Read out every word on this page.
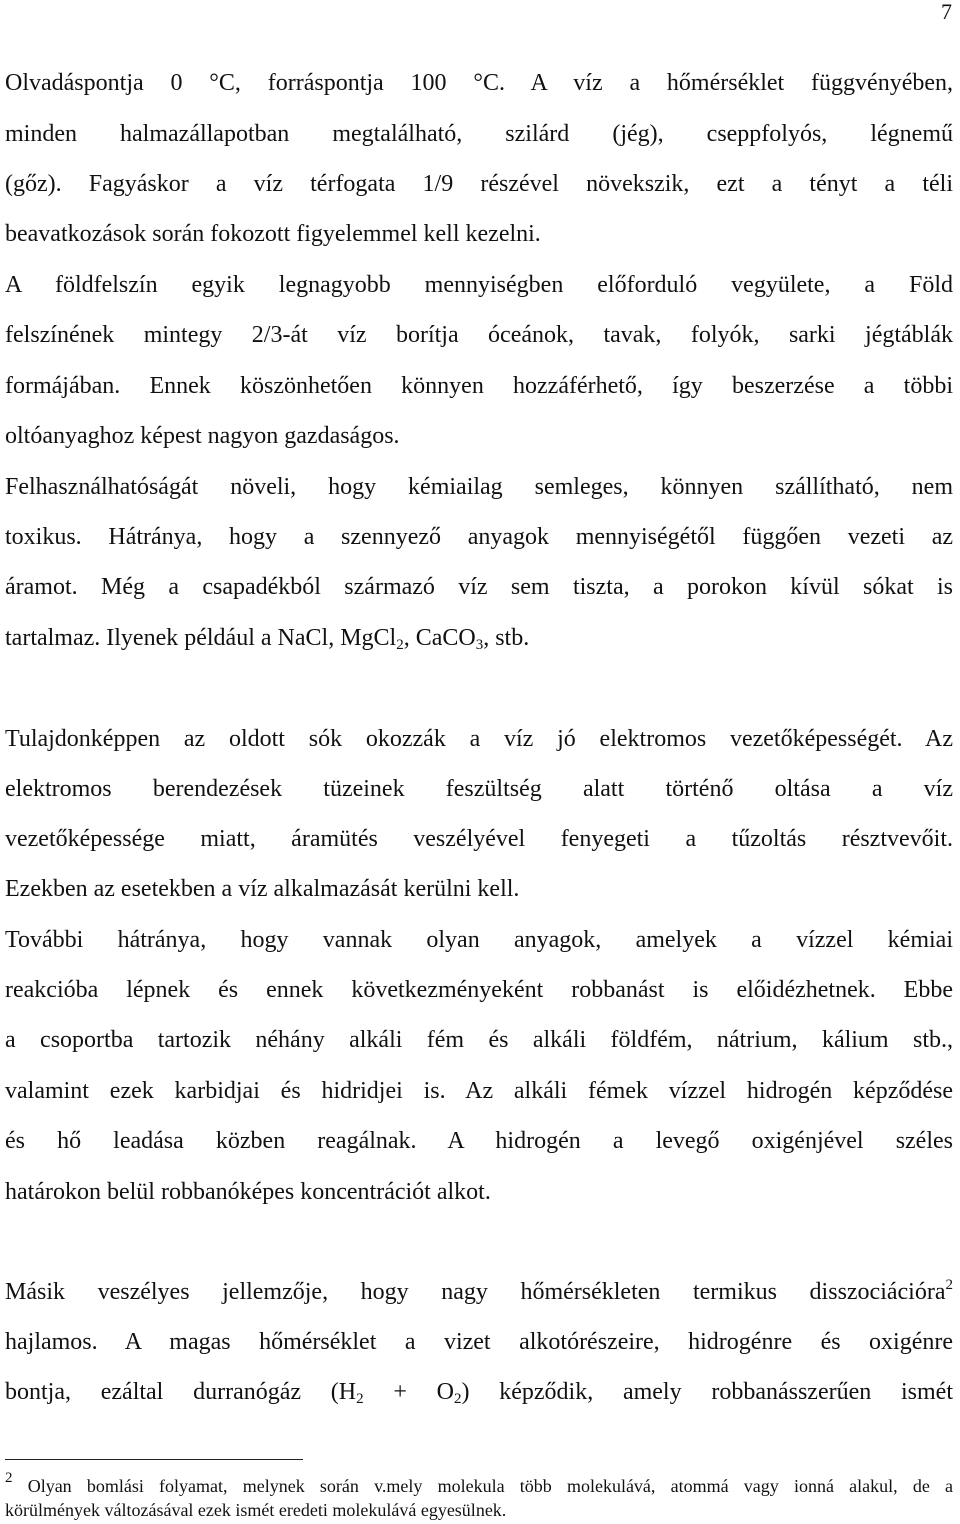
7
Olvadáspontja 0 °C, forráspontja 100 °C. A víz a hőmérséklet függvényében,
minden halmazállapotban megtalálható, szilárd (jég), cseppfolyós, légnemű
(gőz). Fagyáskor a víz térfogata 1/9 részével növekszik, ezt a tényt a téli
beavatkozások során fokozott figyelemmel kell kezelni.
A földfelszín egyik legnagyobb mennyiségben előforduló vegyülete, a Föld
felszínének mintegy 2/3-át víz borítja óceánok, tavak, folyók, sarki jégtáblák
formájában. Ennek köszönhetően könnyen hozzáférhető, így beszerzése a többi
oltóanyaghoz képest nagyon gazdaságos.
Felhasználhatóságát növeli, hogy kémiailag semleges, könnyen szállítható, nem
toxikus. Hátránya, hogy a szennyező anyagok mennyiségétől függően vezeti az
áramot. Még a csapadékból származó víz sem tiszta, a porokon kívül sókat is
tartalmaz. Ilyenek például a NaCl, MgCl$_2$, CaCO$_3$, stb.
Tulajdonképpen az oldott sók okozzák a víz jó elektromos vezetőképességét. Az
elektromos berendezések tüzeinek feszültség alatt történő oltása a víz
vezetőképessége miatt, áramütés veszélyével fenyegeti a tűzoltás résztvevőit.
Ezekben az esetekben a víz alkalmazását kerülni kell.
További hátránya, hogy vannak olyan anyagok, amelyek a vízzel kémiai
reakcióba lépnek és ennek következményeként robbanást is előidézhetnek. Ebbe
a csoportba tartozik néhány alkáli fém és alkáli földfém, nátrium, kálium stb.,
valamint ezek karbidjai és hidridjei is. Az alkáli fémek vízzel hidrogén képződése
és hő leadása közben reagálnak. A hidrogén a levegő oxigénjével széles
határokon belül robbanóképes koncentrációt alkot.
Másik veszélyes jellemzője, hogy nagy hőmérsékleten termikus disszociációra$^2$
hajlamos. A magas hőmérséklet a vizet alkotórészeire, hidrogénre és oxigénre
bontja, ezáltal durranógáz $(H_2 + O_2)$ képződik, amely robbanásszerűen ismét
$^2$ Olyan bomlási folyamat, melynek során v.mely molekula több molekulává, atommá vagy ionná alakul, de a
körülmények változásával ezek ismét eredeti molekulává egyesülnek.
